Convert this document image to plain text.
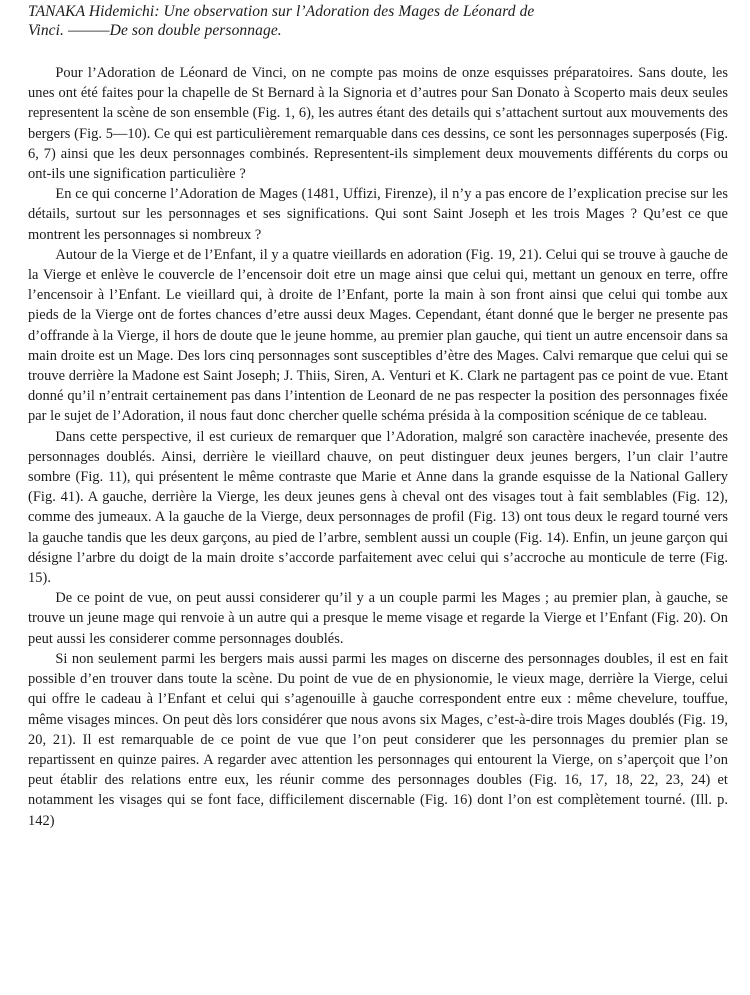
TANAKA Hidemichi: Une observation sur l’Adoration des Mages de Léonard de
Vinci. ———De son double personnage.

Pour l’Adoration de Léonard de Vinci, on ne compte pas moins de onze esquisses préparatoires. Sans doute, les unes ont été faites pour la chapelle de St Bernard à la Signoria et d’autres pour San Donato à Scoperto mais deux seules representent la scène de son ensemble (Fig. 1, 6), les autres étant des details qui s’attachent surtout aux mouvements des bergers (Fig. 5—10). Ce qui est particulièrement remarquable dans ces dessins, ce sont les personnages superposés (Fig. 6, 7) ainsi que les deux personnages combinés. Representent-ils simplement deux mouvements différents du corps ou ont-ils une signification particulière ?

En ce qui concerne l’Adoration de Mages (1481, Uffizi, Firenze), il n’y a pas encore de l’explication precise sur les détails, surtout sur les personnages et ses significations. Qui sont Saint Joseph et les trois Mages ? Qu’est ce que montrent les personnages si nombreux ?

Autour de la Vierge et de l’Enfant, il y a quatre vieillards en adoration (Fig. 19, 21). Celui qui se trouve à gauche de la Vierge et enlève le couvercle de l’encensoir doit etre un mage ainsi que celui qui, mettant un genoux en terre, offre l’encensoir à l’Enfant. Le vieillard qui, à droite de l’Enfant, porte la main à son front ainsi que celui qui tombe aux pieds de la Vierge ont de fortes chances d’etre aussi deux Mages. Cependant, étant donné que le berger ne presente pas d’offrande à la Vierge, il hors de doute que le jeune homme, au premier plan gauche, qui tient un autre encensoir dans sa main droite est un Mage. Des lors cinq personnages sont susceptibles d’ètre des Mages. Calvi remarque que celui qui se trouve derrière la Madone est Saint Joseph; J. Thiis, Siren, A. Venturi et K. Clark ne partagent pas ce point de vue. Etant donné qu’il n’entrait certainement pas dans l’intention de Leonard de ne pas respecter la position des personnages fixée par le sujet de l’Adoration, il nous faut donc chercher quelle schéma présida à la composition scénique de ce tableau.

Dans cette perspective, il est curieux de remarquer que l’Adoration, malgré son caractère inachevée, presente des personnages doublés. Ainsi, derrière le vieillard chauve, on peut distinguer deux jeunes bergers, l’un clair l’autre sombre (Fig. 11), qui présentent le même contraste que Marie et Anne dans la grande esquisse de la National Gallery (Fig. 41). A gauche, derrière la Vierge, les deux jeunes gens à cheval ont des visages tout à fait semblables (Fig. 12), comme des jumeaux. A la gauche de la Vierge, deux personnages de profil (Fig. 13) ont tous deux le regard tourné vers la gauche tandis que les deux garçons, au pied de l’arbre, semblent aussi un couple (Fig. 14). Enfin, un jeune garçon qui désigne l’arbre du doigt de la main droite s’accorde parfaitement avec celui qui s’accroche au monticule de terre (Fig. 15).

De ce point de vue, on peut aussi considerer qu’il y a un couple parmi les Mages ; au premier plan, à gauche, se trouve un jeune mage qui renvoie à un autre qui a presque le meme visage et regarde la Vierge et l’Enfant (Fig. 20). On peut aussi les considerer comme personnages doublés.

Si non seulement parmi les bergers mais aussi parmi les mages on discerne des personnages doubles, il est en fait possible d’en trouver dans toute la scène. Du point de vue de en physionomie, le vieux mage, derrière la Vierge, celui qui offre le cadeau à l’Enfant et celui qui s’agenouille à gauche correspondent entre eux : même chevelure, touffue, même visages minces. On peut dès lors considérer que nous avons six Mages, c’est-à-dire trois Mages doublés (Fig. 19, 20, 21). Il est remarquable de ce point de vue que l’on peut considerer que les personnages du premier plan se repartissent en quinze paires. A regarder avec attention les personnages qui entourent la Vierge, on s’aperçoit que l’on peut établir des relations entre eux, les réunir comme des personnages doubles (Fig. 16, 17, 18, 22, 23, 24) et notamment les visages qui se font face, difficilement discernable (Fig. 16) dont l’on est complètement tourné. (Ill. p. 142)
